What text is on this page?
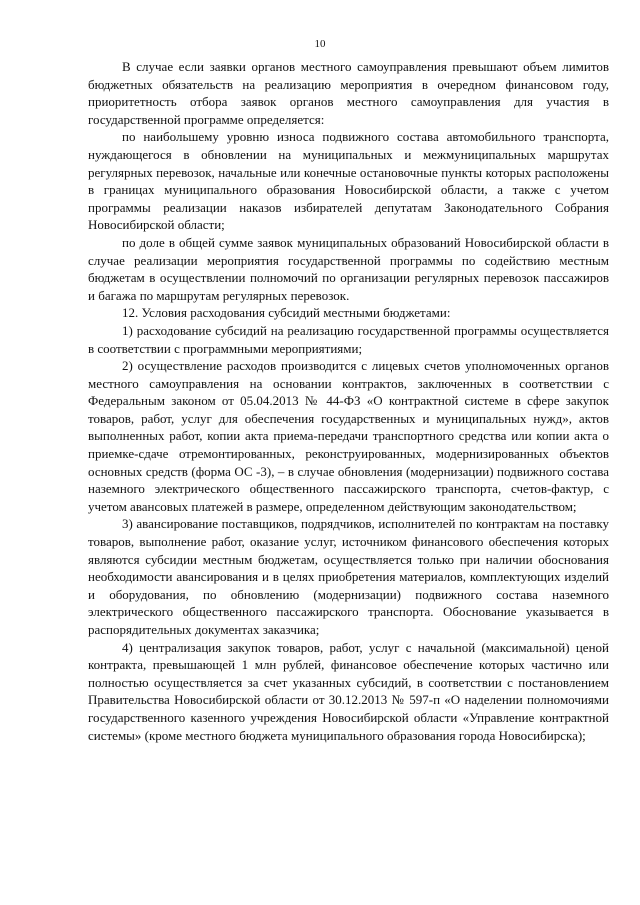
10

В случае если заявки органов местного самоуправления превышают объем лимитов бюджетных обязательств на реализацию мероприятия в очередном финансовом году, приоритетность отбора заявок органов местного самоуправления для участия в государственной программе определяется:

по наибольшему уровню износа подвижного состава автомобильного транспорта, нуждающегося в обновлении на муниципальных и межмуниципальных маршрутах регулярных перевозок, начальные или конечные остановочные пункты которых расположены в границах муниципального образования Новосибирской области, а также с учетом программы реализации наказов избирателей депутатам Законодательного Собрания Новосибирской области;

по доле в общей сумме заявок муниципальных образований Новосибирской области в случае реализации мероприятия государственной программы по содействию местным бюджетам в осуществлении полномочий по организации регулярных перевозок пассажиров и багажа по маршрутам регулярных перевозок.

12. Условия расходования субсидий местными бюджетами:

1) расходование субсидий на реализацию государственной программы осуществляется в соответствии с программными мероприятиями;

2) осуществление расходов производится с лицевых счетов уполномоченных органов местного самоуправления на основании контрактов, заключенных в соответствии с Федеральным законом от 05.04.2013 № 44-ФЗ «О контрактной системе в сфере закупок товаров, работ, услуг для обеспечения государственных и муниципальных нужд», актов выполненных работ, копии акта приема-передачи транспортного средства или копии акта о приемке-сдаче отремонтированных, реконструированных, модернизированных объектов основных средств (форма ОС -3), – в случае обновления (модернизации) подвижного состава наземного электрического общественного пассажирского транспорта, счетов-фактур, с учетом авансовых платежей в размере, определенном действующим законодательством;

3) авансирование поставщиков, подрядчиков, исполнителей по контрактам на поставку товаров, выполнение работ, оказание услуг, источником финансового обеспечения которых являются субсидии местным бюджетам, осуществляется только при наличии обоснования необходимости авансирования и в целях приобретения материалов, комплектующих изделий и оборудования, по обновлению (модернизации) подвижного состава наземного электрического общественного пассажирского транспорта. Обоснование указывается в распорядительных документах заказчика;

4) централизация закупок товаров, работ, услуг с начальной (максимальной) ценой контракта, превышающей 1 млн рублей, финансовое обеспечение которых частично или полностью осуществляется за счет указанных субсидий, в соответствии с постановлением Правительства Новосибирской области от 30.12.2013 № 597-п «О наделении полномочиями государственного казенного учреждения Новосибирской области «Управление контрактной системы» (кроме местного бюджета муниципального образования города Новосибирска);
